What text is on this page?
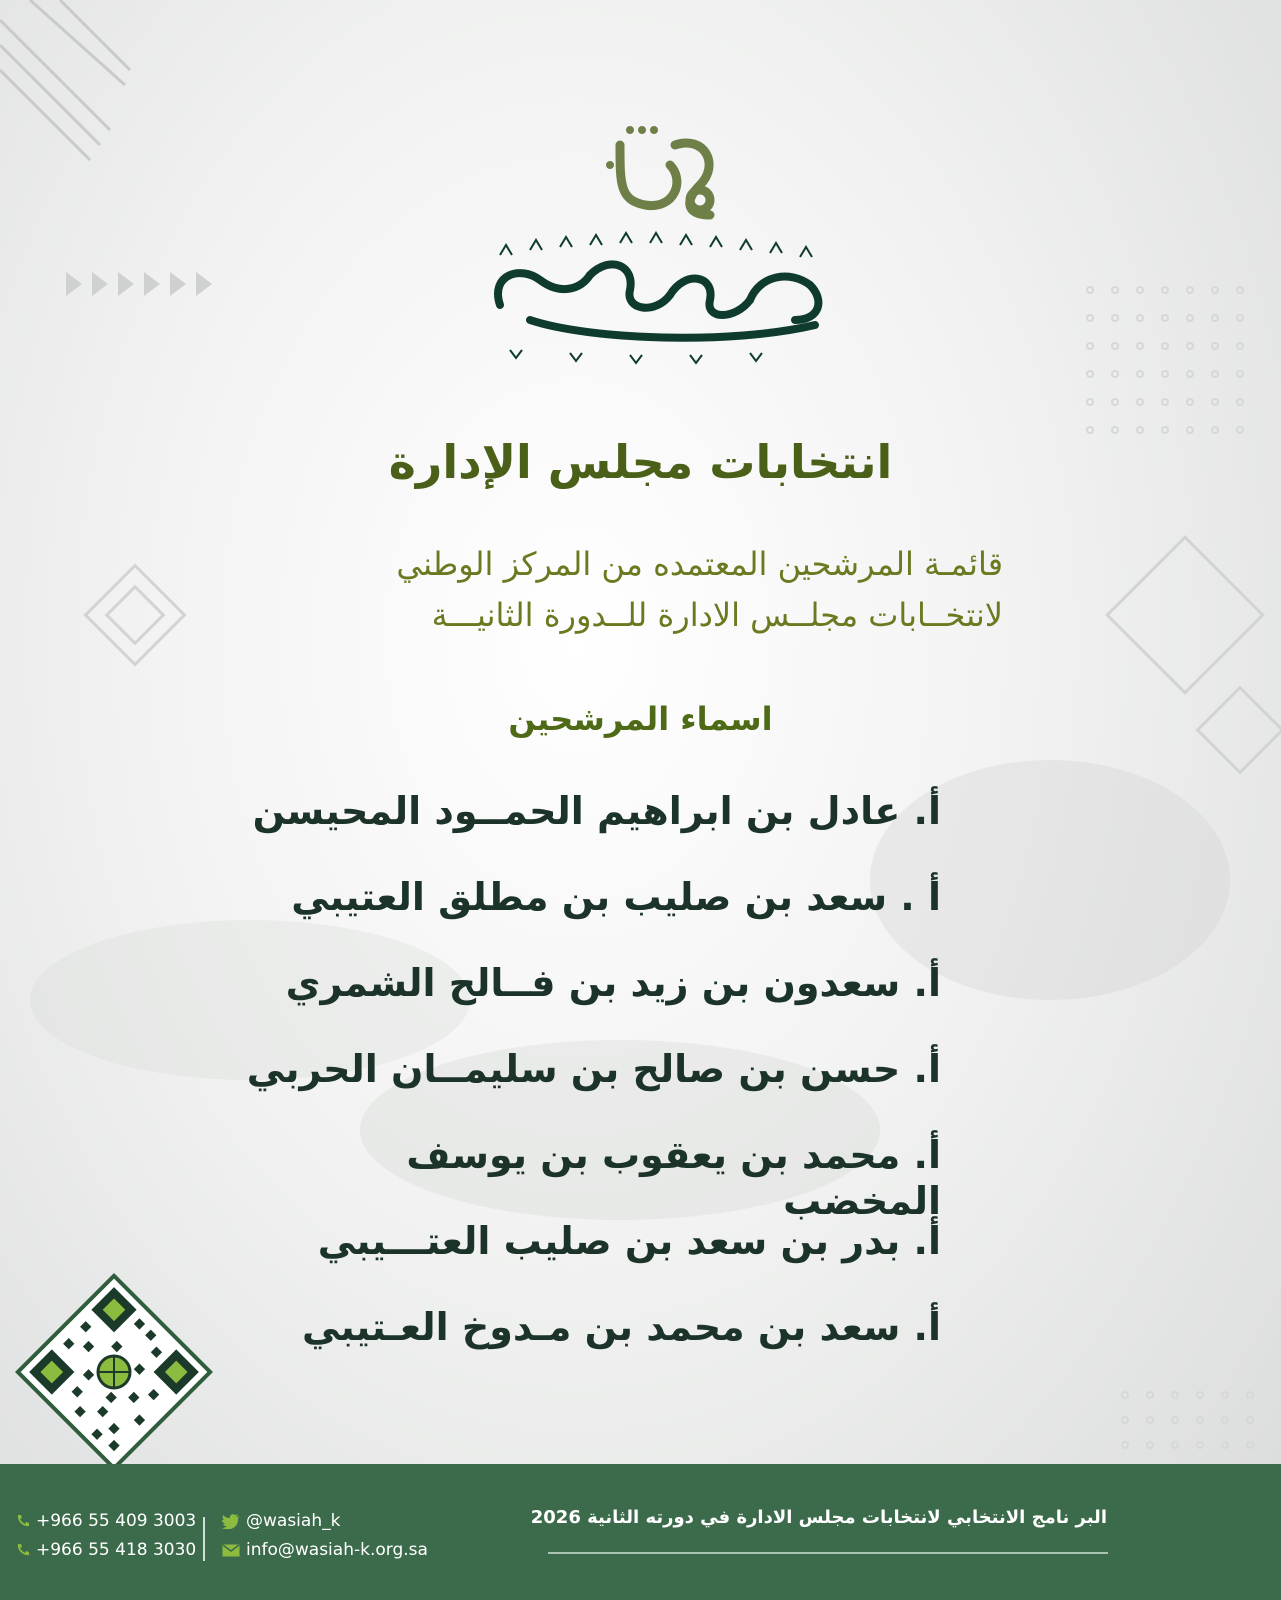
انتخابات مجلس الإدارة
قائمـة المرشحين المعتمده من المركز الوطني
لانتخــابات مجلــس الادارة للــدورة الثانيـــة
اسماء المرشحين
أ. عادل بن ابراهيم الحمــود المحيسن
أ . سعد بن صليب بن مطلق العتيبي
أ. سعدون بن زيد بن فــالح الشمري
أ. حسن بن صالح بن سليمــان الحربي
أ. محمد بن يعقوب بن يوسف المخضب
أ. بدر بن سعد بن صليب العتـــيبي
أ. سعد بن محمد بن مـدوخ العـتيبي
البر نامج الانتخابي لانتخابات مجلس الادارة في دورته الثانية 2026
+966 55 409 3003
+966 55 418 3030
@wasiah_k
info@wasiah-k.org.sa
